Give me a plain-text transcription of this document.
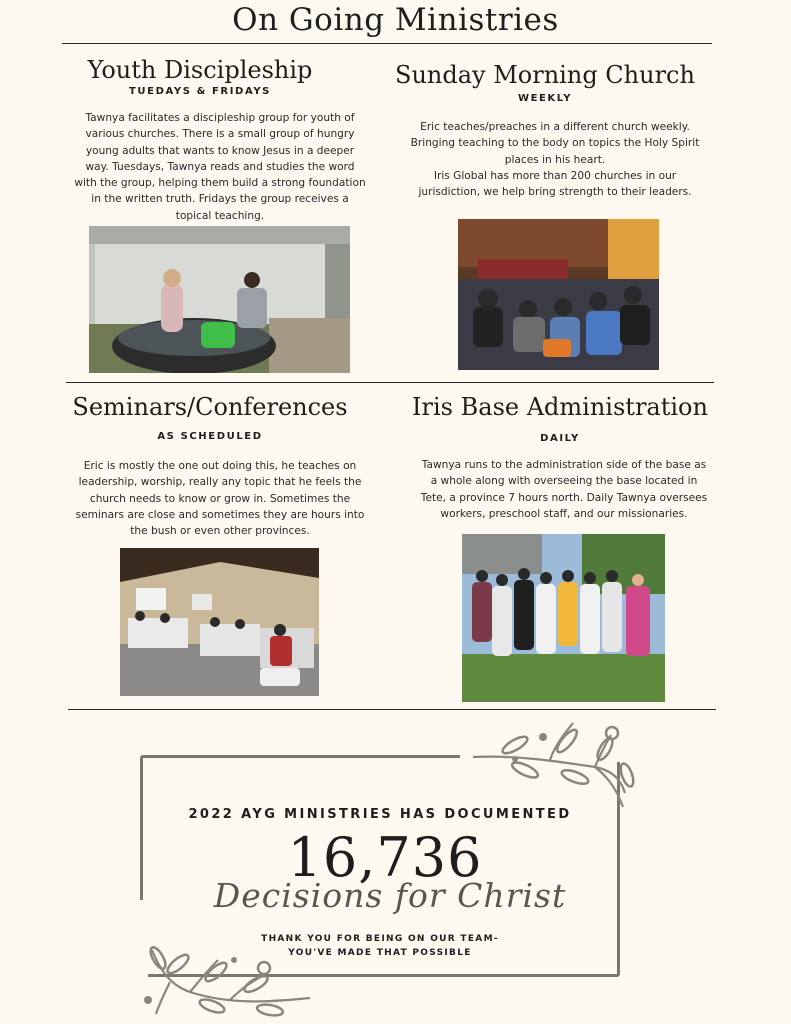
On Going Ministries
Youth Discipleship
TUEDAYS & FRIDAYS
Tawnya facilitates a discipleship group for youth of
various churches. There is a small group of hungry
young adults that wants to know Jesus in a deeper
way. Tuesdays, Tawnya reads and studies the word
with the group, helping them build a strong foundation
in the written truth. Fridays the group receives a
topical teaching.
Sunday Morning Church
WEEKLY
Eric teaches/preaches in a different church weekly.
Bringing teaching to the body on topics the Holy Spirit
places in his heart.
Iris Global has more than 200 churches in our
jurisdiction, we help bring strength to their leaders.
Seminars/Conferences
AS SCHEDULED
Eric is mostly the one out doing this, he teaches on
leadership, worship, really any topic that he feels the
church needs to know or grow in. Sometimes the
seminars are close and sometimes they are hours into
the bush or even other provinces.
Iris Base Administration
DAILY
Tawnya runs to the administration side of the base as
a whole along with overseeing the base located in
Tete, a province 7 hours north. Daily Tawnya oversees
workers, preschool staff, and our missionaries.
2022 AYG MINISTRIES HAS DOCUMENTED
16,736
Decisions for Christ
THANK YOU FOR BEING ON OUR TEAM-
YOU'VE MADE THAT POSSIBLE
